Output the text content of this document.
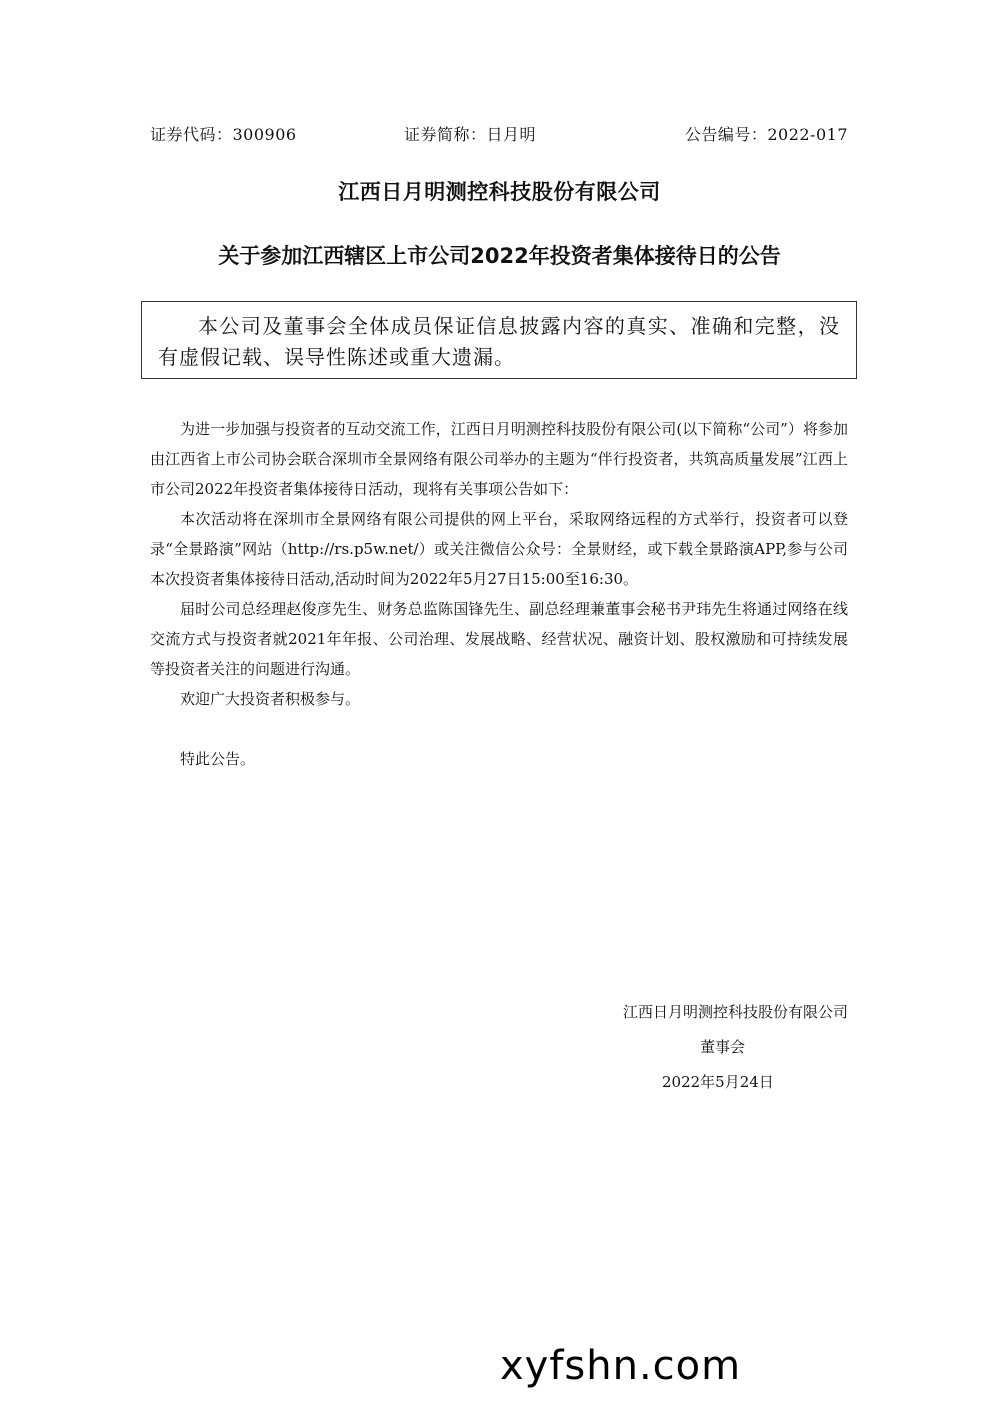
证券代码：300906	证券简称：日月明	公告编号：2022-017
江西日月明测控科技股份有限公司
关于参加江西辖区上市公司2022年投资者集体接待日的公告
本公司及董事会全体成员保证信息披露内容的真实、准确和完整，没有虚假记载、误导性陈述或重大遗漏。

为进一步加强与投资者的互动交流工作，江西日月明测控科技股份有限公司(以下简称“公司”）将参加由江西省上市公司协会联合深圳市全景网络有限公司举办的主题为“伴行投资者，共筑高质量发展”江西上市公司2022年投资者集体接待日活动，现将有关事项公告如下：

本次活动将在深圳市全景网络有限公司提供的网上平台，采取网络远程的方式举行，投资者可以登录“全景路演”网站（http://rs.p5w.net/）或关注微信公众号：全景财经，或下载全景路演APP,参与公司本次投资者集体接待日活动,活动时间为2022年5月27日15:00至16:30。

届时公司总经理赵俊彦先生、财务总监陈国锋先生、副总经理兼董事会秘书尹玮先生将通过网络在线交流方式与投资者就2021年年报、公司治理、发展战略、经营状况、融资计划、股权激励和可持续发展等投资者关注的问题进行沟通。

欢迎广大投资者积极参与。

特此公告。

江西日月明测控科技股份有限公司
董事会
2022年5月24日
xyfshn.com
